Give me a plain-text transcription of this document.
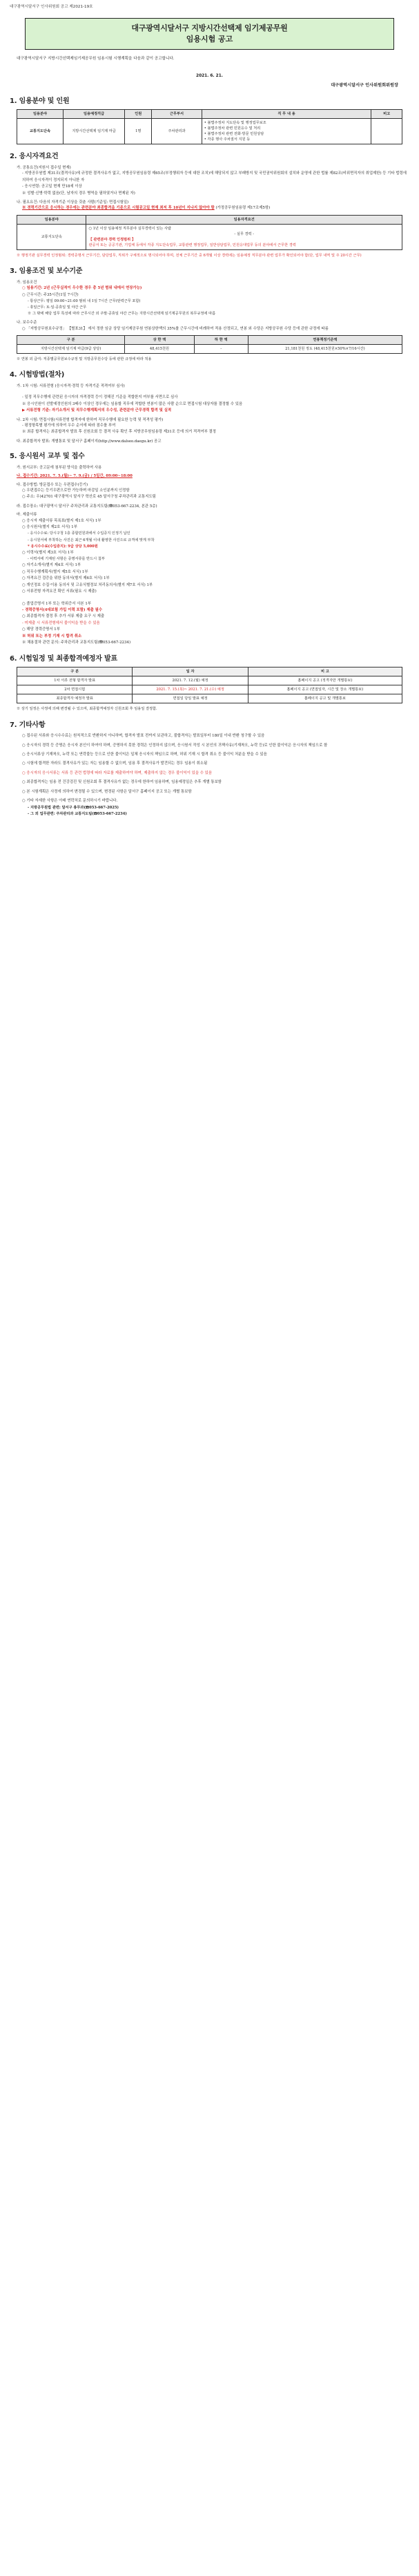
대구광역시달서구 인사위원회 공고 제2021-19호
대구광역시달서구 지방시간선택제 임기제공무원
임용시험 공고
대구광역시달서구 지방시간선택제임기제공무원 임용시험 시행계획을 다음과 같이 공고합니다.
2021. 6. 21.
대구광역시달서구 인사위원회위원장
1. 임용분야 및 인원
임용분야	임용예정직급	인원	근무부서	직 무 내 용	비고
교통지도단속	지방시간선택제 임기제 마급	1명	주차관리과	• 불법주정차 지도단속 및 행정업무보조
• 불법주정차 관련 민원응수 및 처리
• 불법주정차 관련 전화·방문 민원상담
• 각종 행사 주차질서 지원 등	

2. 응시자격요건
가. 공통요건(지원서 접수일 현재)
- 지방공무원법 제31조(결격사유)에 규정한 결격사유가 없고, 지방공무원임용령 제65조(부정행위자 등에 대한 조치)에 해당되지 않고 부패방지 및 국민권익위원회의 설치와 운영에 관한 법률 제82조(비위면직자의 취업제한) 등 기타 법령에 의하여 응시자격이 정지되지 아니한 자
- 응시연령: 공고일 현재 만18세 이상
※ 성별·신병·학력 없음(단, 남자의 경우 병역을 필하였거나 면제된 자)
나. 필요요건: 다음의 자격기준 이상을 갖춘 사람(기준일: 면접시험일)
※ 경력기간으로 응시하는 경우에는 관련분야 최종합격을 기준으로 시험공고일 현재 최저 후 10년이 지나지 않아야 함 (가정공무원임용령 제17조제5항)
임용분야	임용자격요건
교통지도단속	○ 1년 이상 임용예정 직무분야 실무경력이 있는 사람
- 실무 경력 -
【 관련분야 경력 인정범위 】
관공서 또는 공공기관, 기업체 등에서 각종 지도단속업무, 교통관련 행정업무, 일반상담업무, 민원응대업무 등의 분야에서 근무한 경력
※ 행정기관 실무경력 인정범위: 경력증명서 근무기간, 담당업무, 직위가 구체적으로 명시되어야 하며, 전체 근무기간 중 6개월 이상 경력에는 임용예정 직무분야 관련 업무가 확인되어야 함(단, 업무 내역 및 주 20시간 근무)
3. 임용조건 및 보수기준
가. 임용조건
○ 임용기간: 2년 (근무실적이 우수한 경우 총 5년 범위 내에서 연장가능)
○ 근무시간: 주35시간(1일 7시간)
- 통상근무: 평일 09:00~21:00 범위 내 1일 7시간 근무(탄력근무 포함)
- 휴일근무: 토·일·공휴일 및 야간 근무
※ 그 밖에 해당 업무 특성에 따라 근무시간 외 주말·공휴일 야간 근무는 지방시간선택제 임기제공무원의 복무규정에 따름
나. 보수수준
○ 「지방공무원보수규정」 【별표31】 에서 정한 임금 상당 임기제공무원 연봉상한액의 35%를 근무시간에 비례하여 적용 산정되고, 연봉 외 수당은 지방공무원 수당 등에 관한 규정에 따름
구 분	상 한 액	하 한 액	연봉책정기준액
지방시간선택제 임기제 마급(9급 상당)	48,415천원	-	21,181천원 정도 (48,415천원×50%×7/16시간)
※ 연봉 외 급여: 직종별공무원보수규정 및 지방공무원수당 등에 관한 규정에 따라 적용
4. 시험방법(절차)
가. 1차 시험: 서류전형 (응시자격·경력 등 자격기준 적격여부 심사)
- 일정 직무수행에 관련된 응시자의 자격경력 등이 정해진 기준을 적합한지 여부를 서면으로 심사
※ 응시인원이 선발예정인원의 3배수 이상인 경우에는 임용할 직무에 적합한 연봉이 많은 사람 순으로 면접시험 대상자를 결정할 수 있음
▶ 서류전형 기준: 자기소개서 및 직무수행계획서의 우수성, 관련분야 근무경력 합격 및 실적
나. 2차 시험: 면접시험(서류전형 합격자에 한하여 직무수행에 필요한 능력 및 적격성 평가)
- 평정항목별 평가에 의하여 우수 순서에 따라 점수를 부여
※ 최종 합격자는 최종합격자 발표 후 신원조회 등 결격 사유 확인 후 지방공무원임용령 제31조 등에 의거 적격여부 결정
다. 최종합격자 발표: 개별통보 및 달서구 홈페이지(http://www.dalseo.daegu.kr) 공고
5. 응시원서 교부 및 접수
가. 원서교부: 공고문에 첨부된 양식을 출력하여 사용
나. 접수기간: 2021. 7. 5.(월)~ 7. 9.(금) / 5일간, 09:00~18:00
다. 접수방법: 방문접수 또는 우편접수(등기)
○ 우편접수는 등기우편으로만 가능하며 마감일 소인분까지 인정함
○ 주소: 우)42701 대구광역시 달서구 학산로 45 달서구청 주차관리과 교통지도팀
라. 접수장소: 대구광역시 달서구 주차관리과 교통지도팀(☎053-667-2234, 본관 5층)
마. 제출서류
○ 응시자 제출서류 목록표(별지 제1호 서식) 1부
○ 응시원서(별지 제2호 서식) 1부
- 응시수수료: 당시구청 1층 종합민원과에서 수입증지 인정기 납인
- 응시원서에 부착하는 사진은 최근 6개월 이내 촬영한 사진으로 규격에 맞게 부착
* 응시수수료(수입증지): 9급 상당 5,000원
○ 이력서(별지 제3호 서식) 1부
- 이력서에 기재된 사항은 증명서류를 반드시 첨부
○ 자기소개서(별지 제4호 서식) 1부
○ 직무수행계획서(별지 제5호 서식) 1부
○ 자격요건 검증을 위한 동의서(별지 제6호 서식) 1부
○ 개인정보 수집·이용 동의서 및 고유식별정보 처리동의서(별지 제7호 서식) 1부
○ 서류전형 자격요건 확인 서류(필요 시 제출)
○ 졸업증명서 1부 또는 학위증서 사본 1부
- 경력증명서(4대보험 가입 이력 포함) 제출 필수
○ 최종합격자 결정 후 추가 서류 제출 요구 시 제출
- 미제출 시 서류전형에서 불이익을 받을 수 있음
○ 해당 경력증명서 1부
※ 허위 또는 부정 기재 시 합격 취소
※ 채용절차 관련 문의: 주차관리과 교통지도팀(☎053-667-2234)
6. 시험일정 및 최종합격예정자 발표
구 분	일 자	비 고
1차 서류 전형 합격자 발표	2021. 7. 12.(월) 예정	홈페이지 공고 (적격자만 개별통보)
2차 면접시험	2021. 7. 15.(목)~ 2021. 7. 21.(수) 예정	홈페이지 공고 (면접일자, 시간 및 장소 개별통보)
최종합격자 예정자 발표	면접일 당일 발표 예정	홈페이지 공고 및 개별통보
※ 상기 일정은 사정에 의해 변경될 수 있으며, 최종합격예정자 신원조회 후 임용일 결정함.
7. 기타사항
○ 접수된 서류와 응시수수료는 원칙적으로 반환하지 아니하며, 합격자 발표 전까지 보관하고, 불합격자는 발표일부터 180일 이내 반환 청구할 수 있음
○ 응시자의 경력 등 증명은 응시자 본인이 하여야 하며, 증명하지 못한 경력은 인정하지 않으며, 응시원서 작성 시 본인의 귀책사유(기재착오, 누락 등)로 인한 불이익은 응시자의 책임으로 함
○ 응시서류상 기재착오, 누락 또는 연락불능 등으로 인한 불이익은 일체 응시자의 책임으로 하며, 허위 기재 시 합격 취소 등 불이익 처분을 받을 수 있음
○ 시험에 합격한 자라도 결격사유가 있는 자는 임용할 수 없으며, 임용 후 결격사유가 발견되는 경우 임용이 취소됨
○ 응시자의 응시서류는 서류 등 관련 법령에 따라 자료를 제출하여야 하며, 제출하지 않는 경우 불이익이 있을 수 있음
○ 최종합격자는 임용 전 건강검진 및 신원조회 후 결격사유가 없는 경우에 한하여 임용하며, 임용예정일은 추후 개별 통보함
○ 본 시험계획은 사정에 의하여 변경될 수 있으며, 변경된 사항은 달서구 홈페이지 공고 또는 개별 통보함
○ 기타 자세한 사항은 아래 연락처로 문의하시기 바랍니다.
- 지방공무원법 관련: 달서구 총무과(☎053-667-2025)
- 그 외 업무관련: 주차관리과 교통지도팀(☎053-667-2234)
